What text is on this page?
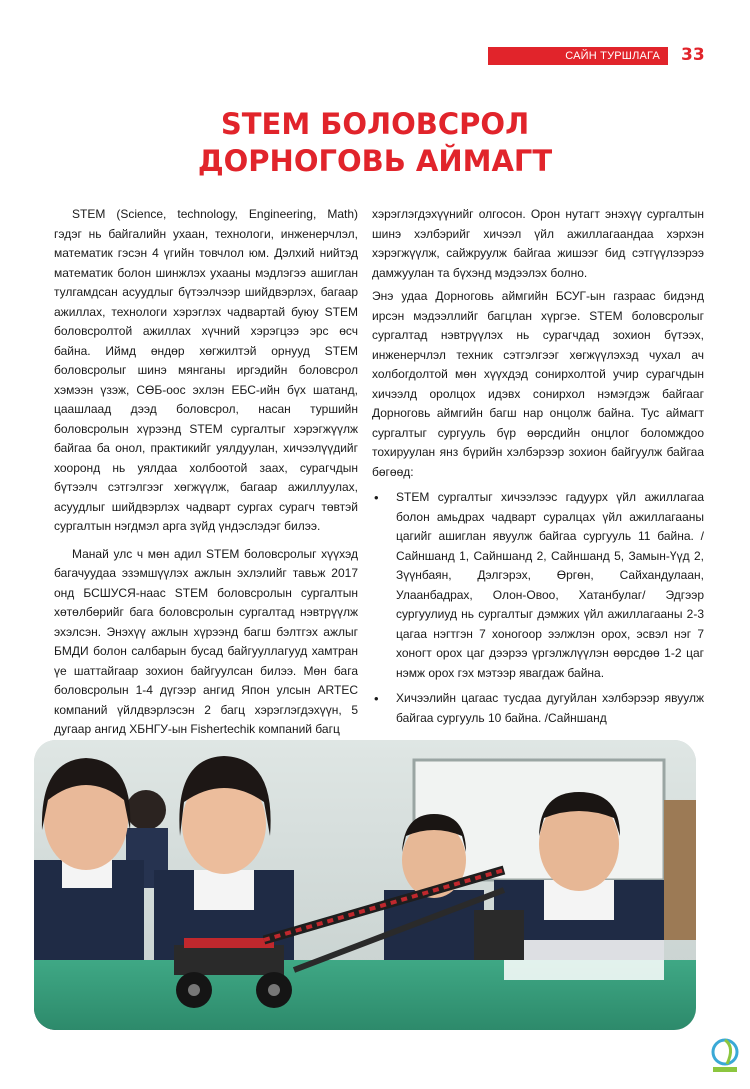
САЙН ТУРШЛАГА	33
STEM БОЛОВСРОЛ
ДОРНОГОВЬ АЙМАГТ

STEM (Science, technology, Engineering, Math) гэдэг нь байгалийн ухаан, технологи, инженерчлэл, математик гэсэн 4 үгийн товчлол юм. Дэлхий нийтэд математик болон шинжлэх ухааны мэдлэгээ ашиглан тулгамдсан асуудлыг бүтээлчээр шийдвэрлэх, багаар ажиллах, технологи хэрэглэх чадвартай буюу STEM боловсролтой ажиллах хүчний хэрэгцээ эрс өсч байна. Иймд өндөр хөгжилтэй орнууд STEM боловсролыг шинэ мянганы иргэдийн боловсрол хэмээн үзэж, СӨБ-оос эхлэн ЕБС-ийн бүх шатанд, цаашлаад дээд боловсрол, насан туршийн боловсролын хүрээнд STEM сургалтыг хэрэгжүүлж байгаа ба онол, практикийг уялдуулан, хичээлүүдийг хооронд нь уялдаа холбоотой заах, сурагчдын бүтээлч сэтгэлгээг хөгжүүлж, багаар ажиллуулах, асуудлыг шийдвэрлэх чадварт сургах сурагч төвтэй сургалтын нэгдмэл арга зүйд үндэслэдэг билээ.

Манай улс ч мөн адил STEM боловсролыг хүүхэд багачуудаа эзэмшүүлэх ажлын эхлэлийг тавьж 2017 онд БСШУСЯ-наас STEM боловсролын сургалтын хөтөлбөрийг бага боловсролын сургалтад нэвтрүүлж эхэлсэн. Энэхүү ажлын хүрээнд багш бэлтгэх ажлыг БМДИ болон салбарын бусад байгууллагууд хамтран үе шаттайгаар зохион байгуулсан билээ. Мөн бага боловсролын 1-4 дүгээр ангид Япон улсын ARTEC компаний үйлдвэрлэсэн 2 багц хэрэглэгдэхүүн, 5 дугаар ангид ХБНГУ-ын Fishertechik компаний багц

хэрэглэгдэхүүнийг олгосон. Орон нутагт энэхүү сургалтын шинэ хэлбэрийг хичээл үйл ажиллагаандаа хэрхэн хэрэгжүүлж, сайжруулж байгаа жишээг бид сэтгүүлээрээ дамжуулан та бүхэнд мэдээлэх болно.

Энэ удаа Дорноговь аймгийн БСУГ-ын газраас бидэнд ирсэн мэдээллийг багцлан хүргэе. STEM боловсролыг сургалтад нэвтрүүлэх нь сурагчдад зохион бүтээх, инженерчлэл техник сэтгэлгээг хөгжүүлэхэд чухал ач холбогдолтой мөн хүүхдэд сонирхолтой учир сурагчдын хичээлд оролцох идэвх сонирхол нэмэгдэж байгааг Дорноговь аймгийн багш нар онцолж байна. Тус аймагт сургалтыг сургууль бүр өөрсдийн онцлог боломждоо тохируулан янз бүрийн хэлбэрээр зохион байгуулж байгаа бөгөөд:

• STEM сургалтыг хичээлээс гадуурх үйл ажиллагаа болон амьдрах чадварт суралцах үйл ажиллагааны цагийг ашиглан явуулж байгаа сургууль 11 байна. /Сайншанд 1, Сайншанд 2, Сайншанд 5, Замын-Үүд 2, Зүүнбаян, Дэлгэрэх, Өргөн, Сайхандулаан, Улаанбадрах, Олон-Овоо, Хатанбулаг/ Эдгээр сургуулиуд нь сургалтыг дэмжих үйл ажиллагааны 2-3 цагаа нэгтгэн 7 хоногоор ээлжлэн орох, эсвэл нэг 7 хоногт орох цаг дээрээ үргэлжлүүлэн өөрсдөө 1-2 цаг нэмж орох гэх мэтээр явагдаж байна.
• Хичээлийн цагаас тусдаа дугуйлан хэлбэрээр явуулж байгаа сургууль 10 байна. /Сайншанд
